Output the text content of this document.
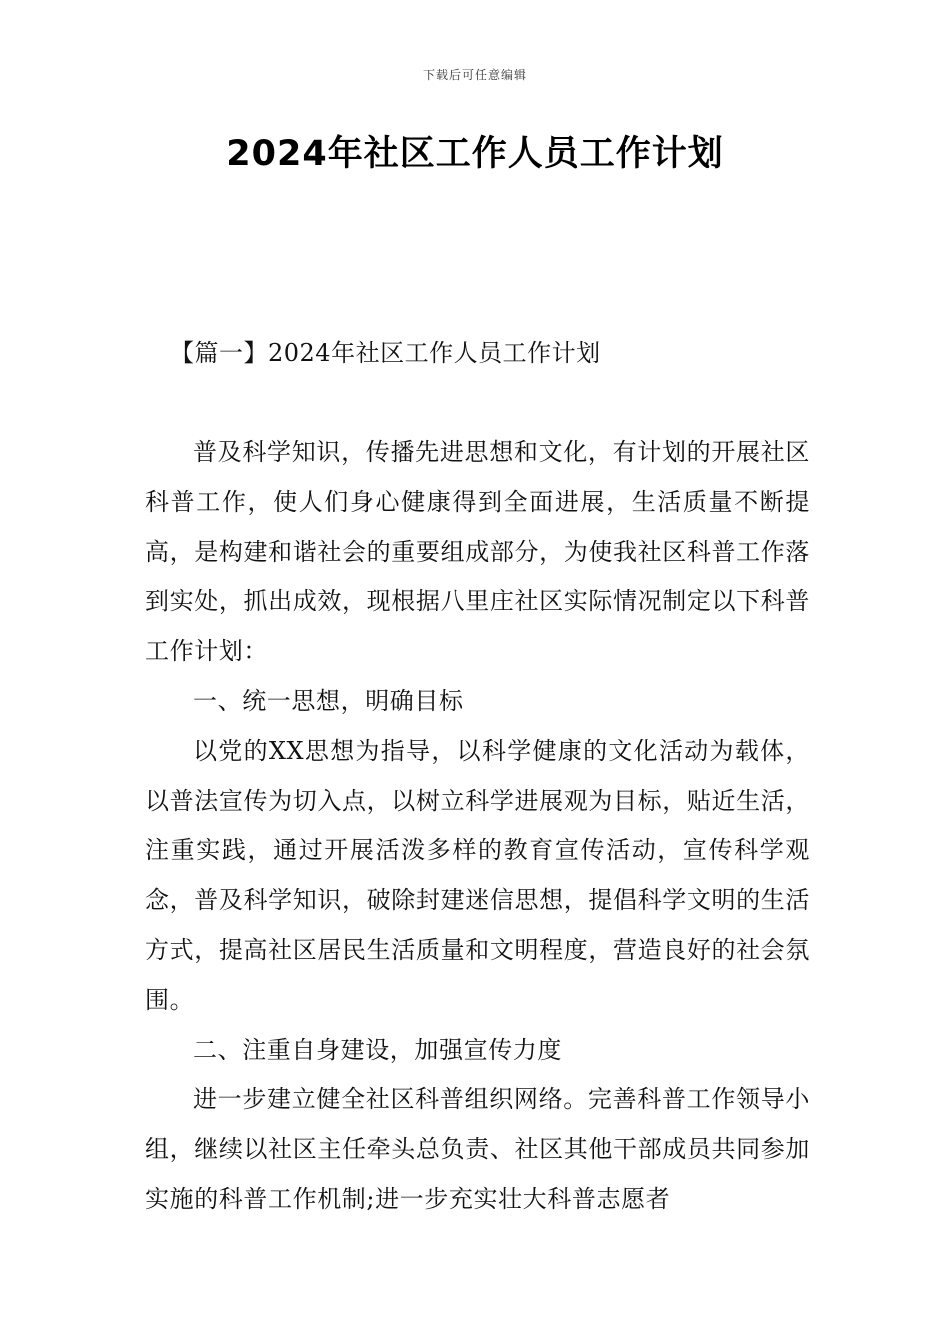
下载后可任意编辑
2024年社区工作人员工作计划
【篇一】2024年社区工作人员工作计划

普及科学知识，传播先进思想和文化，有计划的开展社区科普工作，使人们身心健康得到全面进展，生活质量不断提高，是构建和谐社会的重要组成部分，为使我社区科普工作落到实处，抓出成效，现根据八里庄社区实际情况制定以下科普工作计划：

一、统一思想，明确目标

以党的XX思想为指导，以科学健康的文化活动为载体，以普法宣传为切入点，以树立科学进展观为目标，贴近生活，注重实践，通过开展活泼多样的教育宣传活动，宣传科学观念，普及科学知识，破除封建迷信思想，提倡科学文明的生活方式，提高社区居民生活质量和文明程度，营造良好的社会氛围。

二、注重自身建设，加强宣传力度

进一步建立健全社区科普组织网络。完善科普工作领导小组，继续以社区主任牵头总负责、社区其他干部成员共同参加实施的科普工作机制;进一步充实壮大科普志愿者
